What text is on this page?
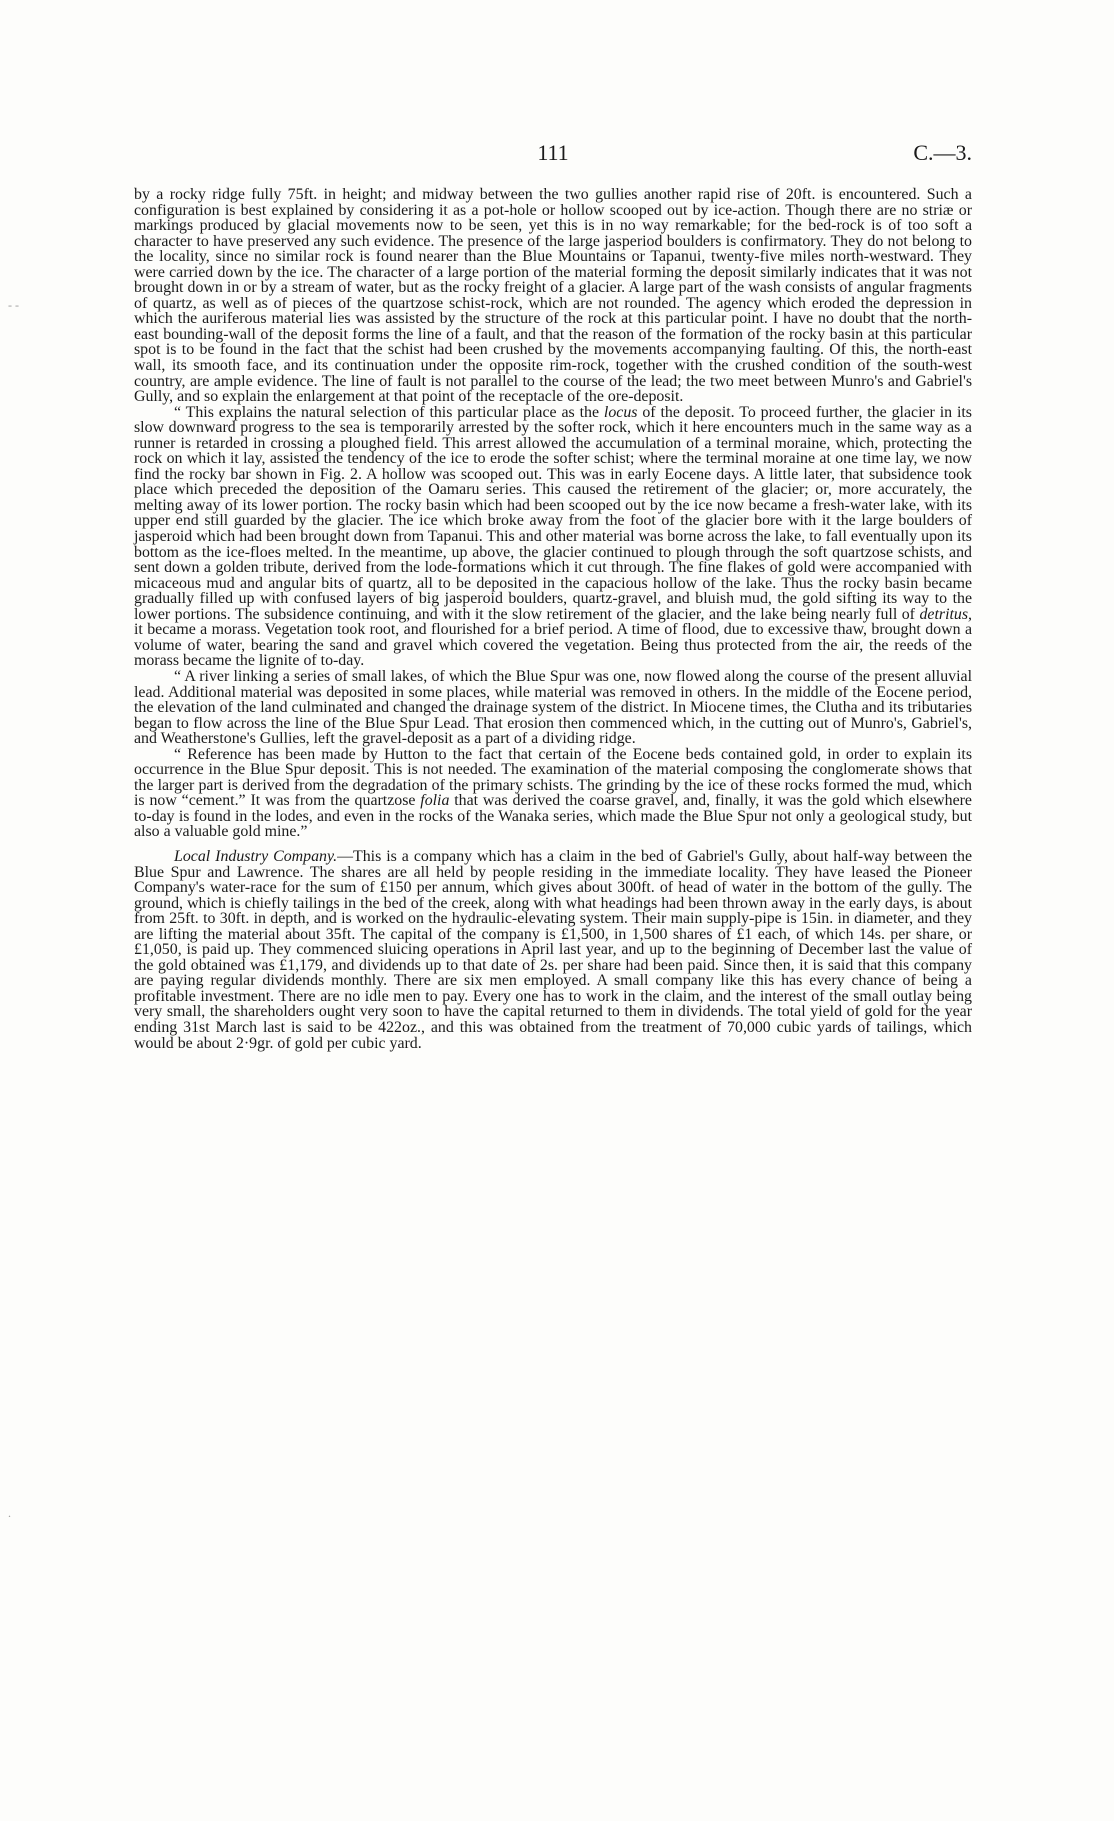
111	C.—3.
- -
.

by a rocky ridge fully 75ft. in height; and midway between the two gullies another rapid rise of 20ft. is encountered. Such a configuration is best explained by considering it as a pot-hole or hollow scooped out by ice-action. Though there are no striæ or markings produced by glacial movements now to be seen, yet this is in no way remarkable; for the bed-rock is of too soft a character to have preserved any such evidence. The presence of the large jasperiod boulders is confirmatory. They do not belong to the locality, since no similar rock is found nearer than the Blue Mountains or Tapanui, twenty-five miles north-westward. They were carried down by the ice. The character of a large portion of the material forming the deposit similarly indicates that it was not brought down in or by a stream of water, but as the rocky freight of a glacier. A large part of the wash consists of angular fragments of quartz, as well as of pieces of the quartzose schist-rock, which are not rounded. The agency which eroded the depression in which the auriferous material lies was assisted by the structure of the rock at this particular point. I have no doubt that the north-east bounding-wall of the deposit forms the line of a fault, and that the reason of the formation of the rocky basin at this particular spot is to be found in the fact that the schist had been crushed by the movements accompanying faulting. Of this, the north-east wall, its smooth face, and its continuation under the opposite rim-rock, together with the crushed condition of the south-west country, are ample evidence. The line of fault is not parallel to the course of the lead; the two meet between Munro's and Gabriel's Gully, and so explain the enlargement at that point of the receptacle of the ore-deposit.

“ This explains the natural selection of this particular place as the locus of the deposit. To proceed further, the glacier in its slow downward progress to the sea is temporarily arrested by the softer rock, which it here encounters much in the same way as a runner is retarded in crossing a ploughed field. This arrest allowed the accumulation of a terminal moraine, which, protecting the rock on which it lay, assisted the tendency of the ice to erode the softer schist; where the terminal moraine at one time lay, we now find the rocky bar shown in Fig. 2. A hollow was scooped out. This was in early Eocene days. A little later, that subsidence took place which preceded the deposition of the Oamaru series. This caused the retirement of the glacier; or, more accurately, the melting away of its lower portion. The rocky basin which had been scooped out by the ice now became a fresh-water lake, with its upper end still guarded by the glacier. The ice which broke away from the foot of the glacier bore with it the large boulders of jasperoid which had been brought down from Tapanui. This and other material was borne across the lake, to fall eventually upon its bottom as the ice-floes melted. In the meantime, up above, the glacier continued to plough through the soft quartzose schists, and sent down a golden tribute, derived from the lode-formations which it cut through. The fine flakes of gold were accompanied with micaceous mud and angular bits of quartz, all to be deposited in the capacious hollow of the lake. Thus the rocky basin became gradually filled up with confused layers of big jasperoid boulders, quartz-gravel, and bluish mud, the gold sifting its way to the lower portions. The subsidence continuing, and with it the slow retirement of the glacier, and the lake being nearly full of detritus, it became a morass. Vegetation took root, and flourished for a brief period. A time of flood, due to excessive thaw, brought down a volume of water, bearing the sand and gravel which covered the vegetation. Being thus protected from the air, the reeds of the morass became the lignite of to-day.

“ A river linking a series of small lakes, of which the Blue Spur was one, now flowed along the course of the present alluvial lead. Additional material was deposited in some places, while material was removed in others. In the middle of the Eocene period, the elevation of the land culminated and changed the drainage system of the district. In Miocene times, the Clutha and its tributaries began to flow across the line of the Blue Spur Lead. That erosion then commenced which, in the cutting out of Munro's, Gabriel's, and Weatherstone's Gullies, left the gravel-deposit as a part of a dividing ridge.

“ Reference has been made by Hutton to the fact that certain of the Eocene beds contained gold, in order to explain its occurrence in the Blue Spur deposit. This is not needed. The examination of the material composing the conglomerate shows that the larger part is derived from the degradation of the primary schists. The grinding by the ice of these rocks formed the mud, which is now “cement.” It was from the quartzose folia that was derived the coarse gravel, and, finally, it was the gold which elsewhere to-day is found in the lodes, and even in the rocks of the Wanaka series, which made the Blue Spur not only a geological study, but also a valuable gold mine.”

Local Industry Company.—This is a company which has a claim in the bed of Gabriel's Gully, about half-way between the Blue Spur and Lawrence. The shares are all held by people residing in the immediate locality. They have leased the Pioneer Company's water-race for the sum of £150 per annum, which gives about 300ft. of head of water in the bottom of the gully. The ground, which is chiefly tailings in the bed of the creek, along with what headings had been thrown away in the early days, is about from 25ft. to 30ft. in depth, and is worked on the hydraulic-elevating system. Their main supply-pipe is 15in. in diameter, and they are lifting the material about 35ft. The capital of the company is £1,500, in 1,500 shares of £1 each, of which 14s. per share, or £1,050, is paid up. They commenced sluicing operations in April last year, and up to the beginning of December last the value of the gold obtained was £1,179, and dividends up to that date of 2s. per share had been paid. Since then, it is said that this company are paying regular dividends monthly. There are six men employed. A small company like this has every chance of being a profitable investment. There are no idle men to pay. Every one has to work in the claim, and the interest of the small outlay being very small, the shareholders ought very soon to have the capital returned to them in dividends. The total yield of gold for the year ending 31st March last is said to be 422oz., and this was obtained from the treatment of 70,000 cubic yards of tailings, which would be about 2·9gr. of gold per cubic yard.
